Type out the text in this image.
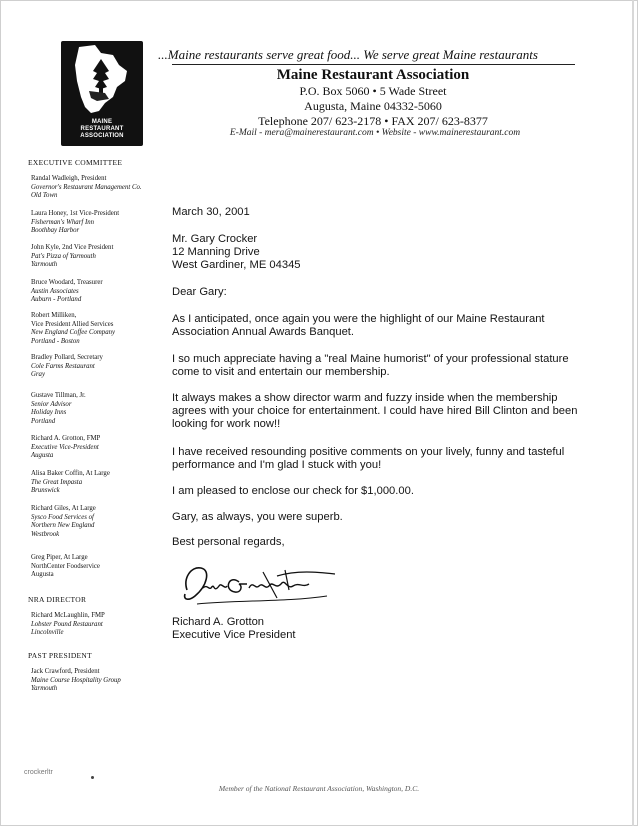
MAINE
RESTAURANT
ASSOCIATION
...Maine restaurants serve great food... We serve great Maine restaurants
Maine Restaurant Association
P.O. Box 5060 • 5 Wade Street
Augusta, Maine 04332-5060
Telephone 207/ 623-2178 • FAX 207/ 623-8377
E-Mail - mera@mainerestaurant.com • Website - www.mainerestaurant.com
EXECUTIVE COMMITTEE
Randal Wadleigh, President
Governor's Restaurant Management Co.
Old Town
Laura Honey, 1st Vice-President
Fisherman's Wharf Inn
Boothbay Harbor
John Kyle, 2nd Vice President
Pat's Pizza of Yarmouth
Yarmouth
Bruce Woodard, Treasurer
Austin Associates
Auburn - Portland
Robert Milliken,
Vice President Allied Services
New England Coffee Company
Portland - Boston
Bradley Pollard, Secretary
Cole Farms Restaurant
Gray
Gustave Tillman, Jr.
Senior Advisor
Holiday Inns
Portland
Richard A. Grotton, FMP
Executive Vice-President
Augusta
Alisa Baker Coffin, At Large
The Great Impasta
Brunswick
Richard Giles, At Large
Sysco Food Services of
Northern New England
Westbrook
Greg Piper, At Large
NorthCenter Foodservice
Augusta
NRA DIRECTOR
Richard McLaughlin, FMP
Lobster Pound Restaurant
Lincolnville
PAST PRESIDENT
Jack Crawford, President
Maine Course Hospitality Group
Yarmouth
March 30, 2001
Mr. Gary Crocker
12 Manning Drive
West Gardiner, ME 04345
Dear Gary:
As I anticipated, once again you were the highlight of our Maine Restaurant
Association Annual Awards Banquet.
I so much appreciate having a "real Maine humorist" of your professional stature
come to visit and entertain our membership.
It always makes a show director warm and fuzzy inside when the membership
agrees with your choice for entertainment. I could have hired Bill Clinton and been
looking for work now!!
I have received resounding positive comments on your lively, funny and tasteful
performance and I'm glad I stuck with you!
I am pleased to enclose our check for $1,000.00.
Gary, as always, you were superb.
Best personal regards,
Richard A. Grotton
Executive Vice President
crockerltr
Member of the National Restaurant Association, Washington, D.C.
